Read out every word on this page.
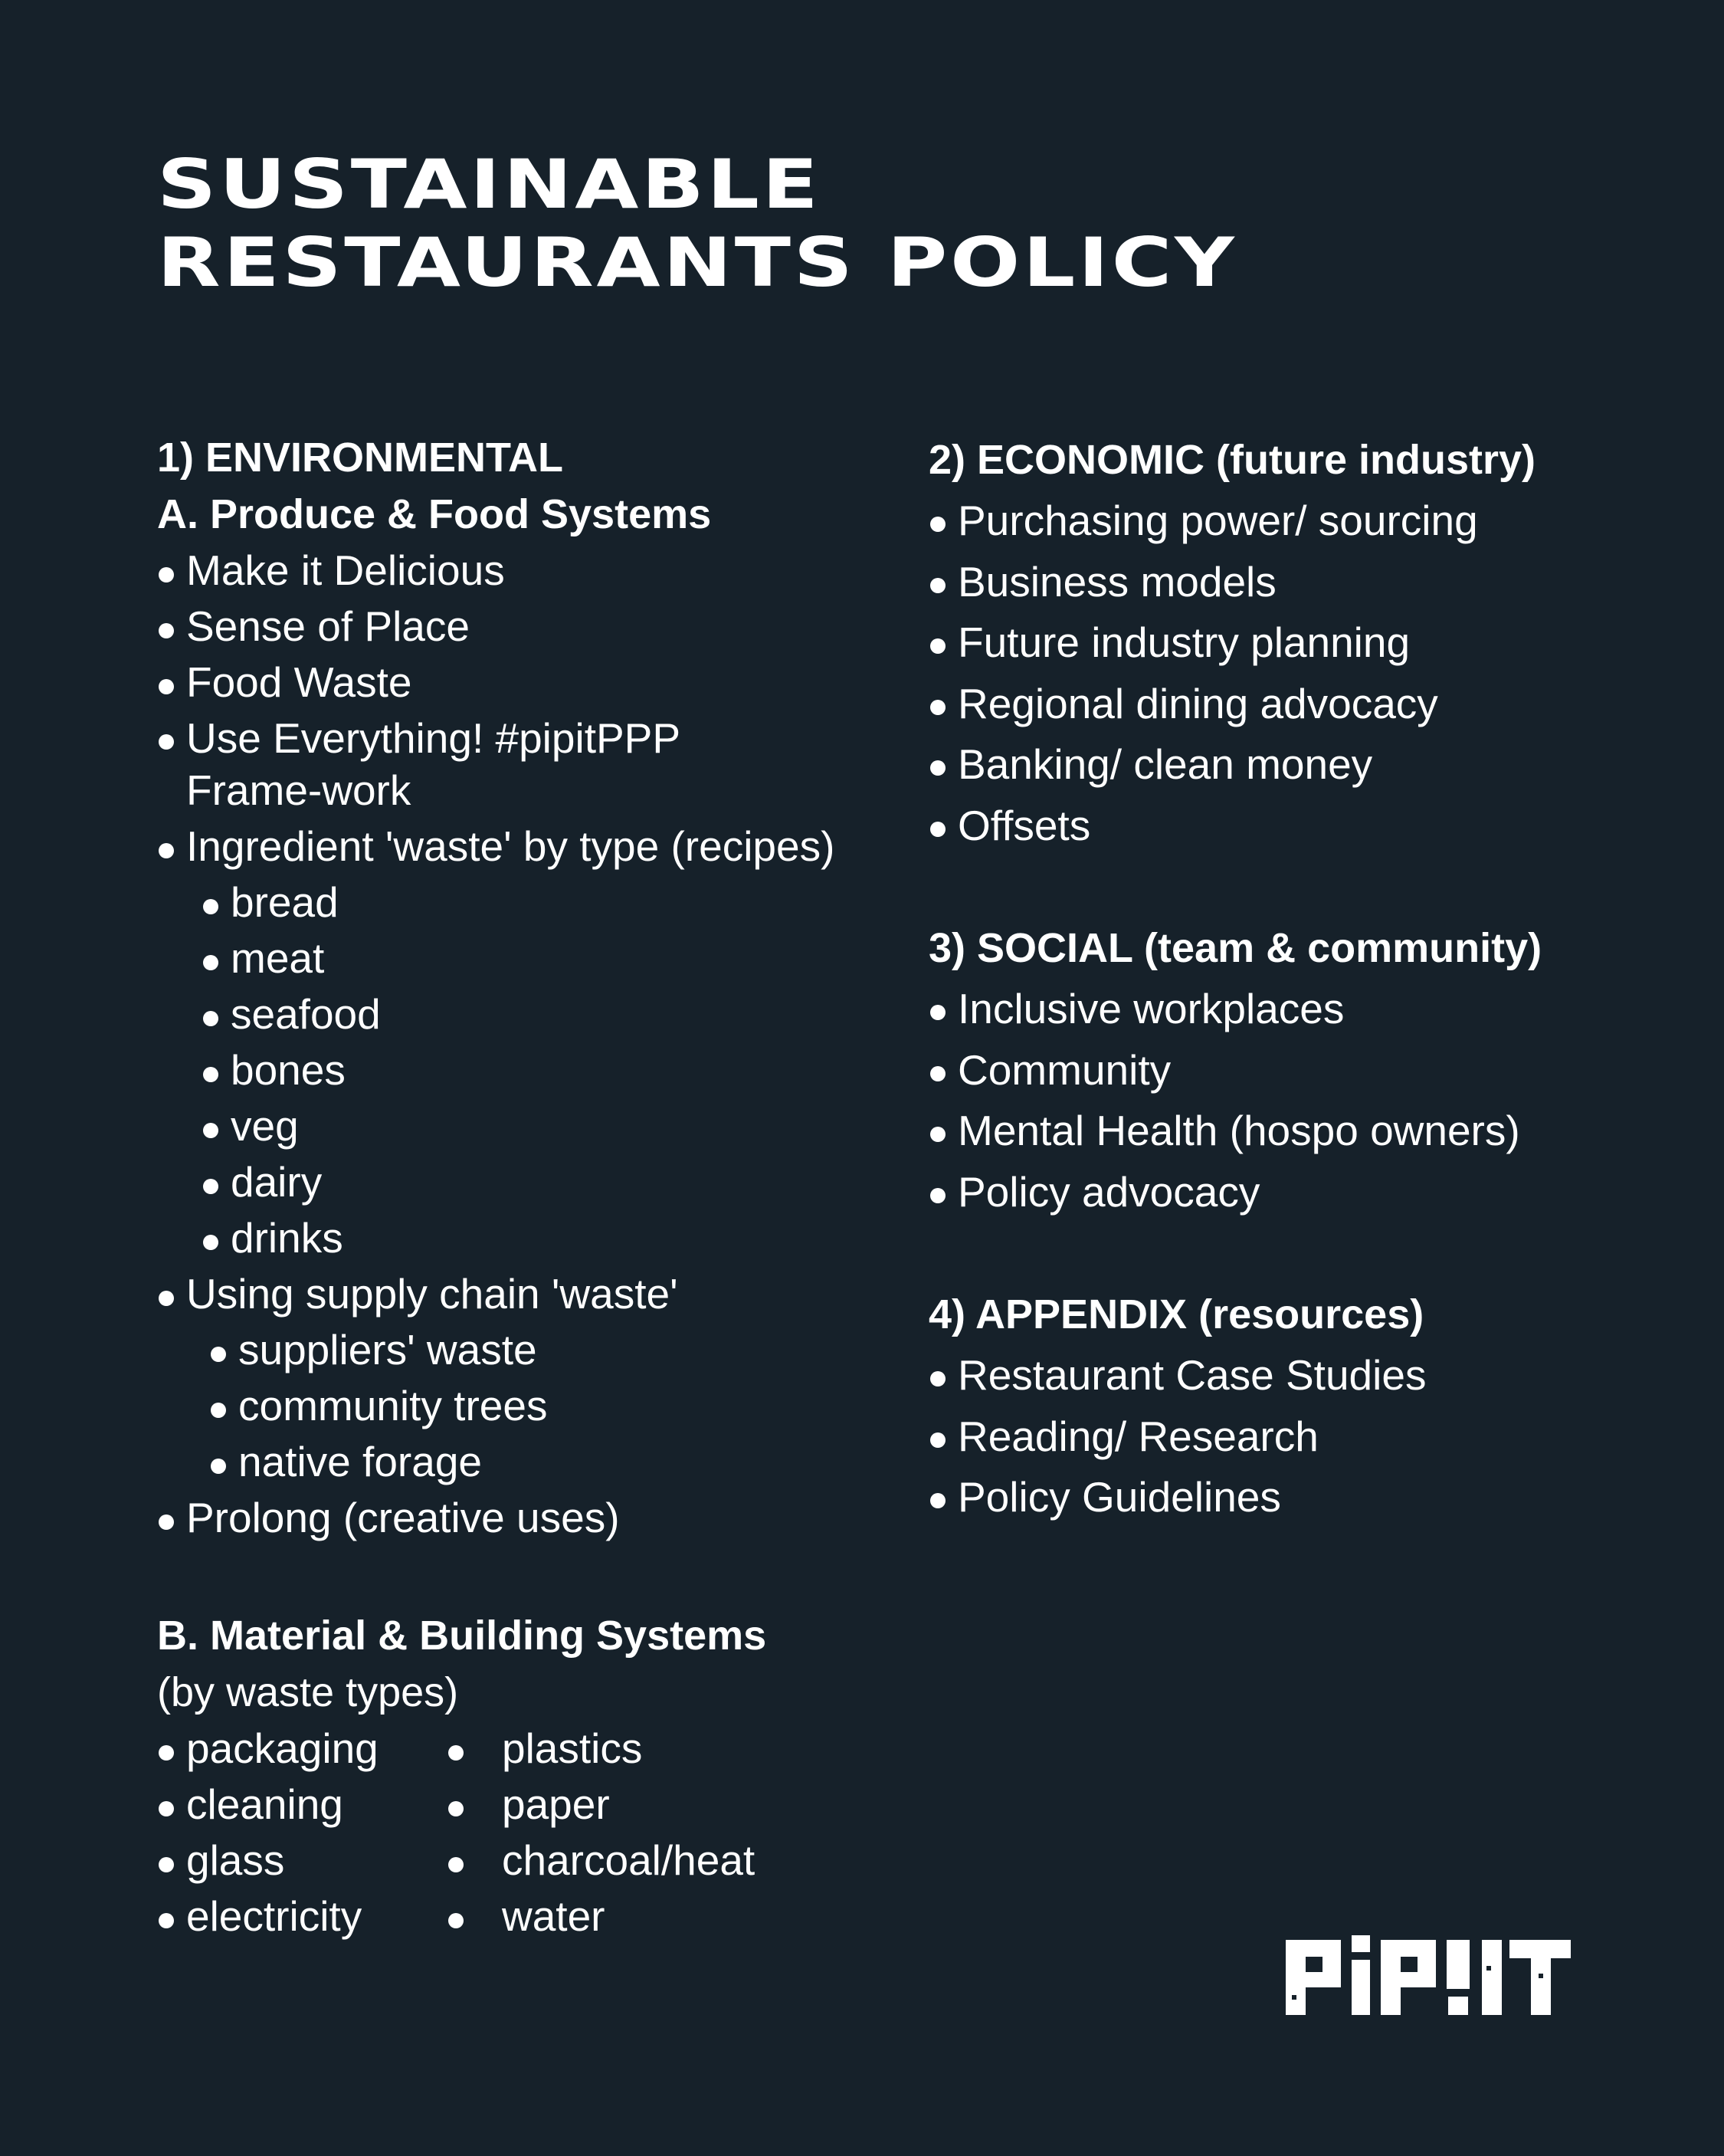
SUSTAINABLE
RESTAURANTS POLICY
1) ENVIRONMENTAL
A. Produce & Food Systems
Make it Delicious
Sense of Place
Food Waste
Use Everything! #pipitPPP Frame-work
Ingredient 'waste' by type (recipes)
bread
meat
seafood
bones
veg
dairy
drinks
Using supply chain 'waste'
suppliers' waste
community trees
native forage
Prolong (creative uses)
B. Material & Building Systems
(by waste types)
packaging
cleaning
glass
electricity
plastics
paper
charcoal/heat
water
2) ECONOMIC (future industry)
Purchasing power/ sourcing
Business models
Future industry planning
Regional dining advocacy
Banking/ clean money
Offsets
3) SOCIAL (team & community)
Inclusive workplaces
Community
Mental Health (hospo owners)
Policy advocacy
4) APPENDIX (resources)
Restaurant Case Studies
Reading/ Research
Policy Guidelines
